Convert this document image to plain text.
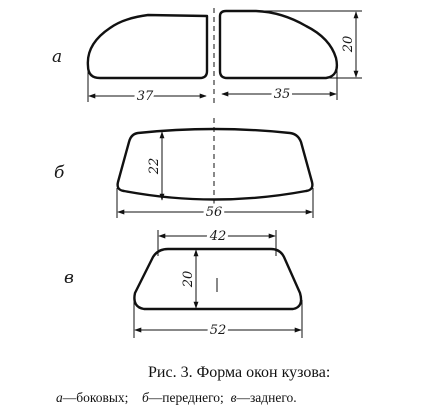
а
37	35
20
б	22
56
в
42
20
52
Рис. 3. Форма окон кузова:
а—боковых; б—переднего; в—заднего.
